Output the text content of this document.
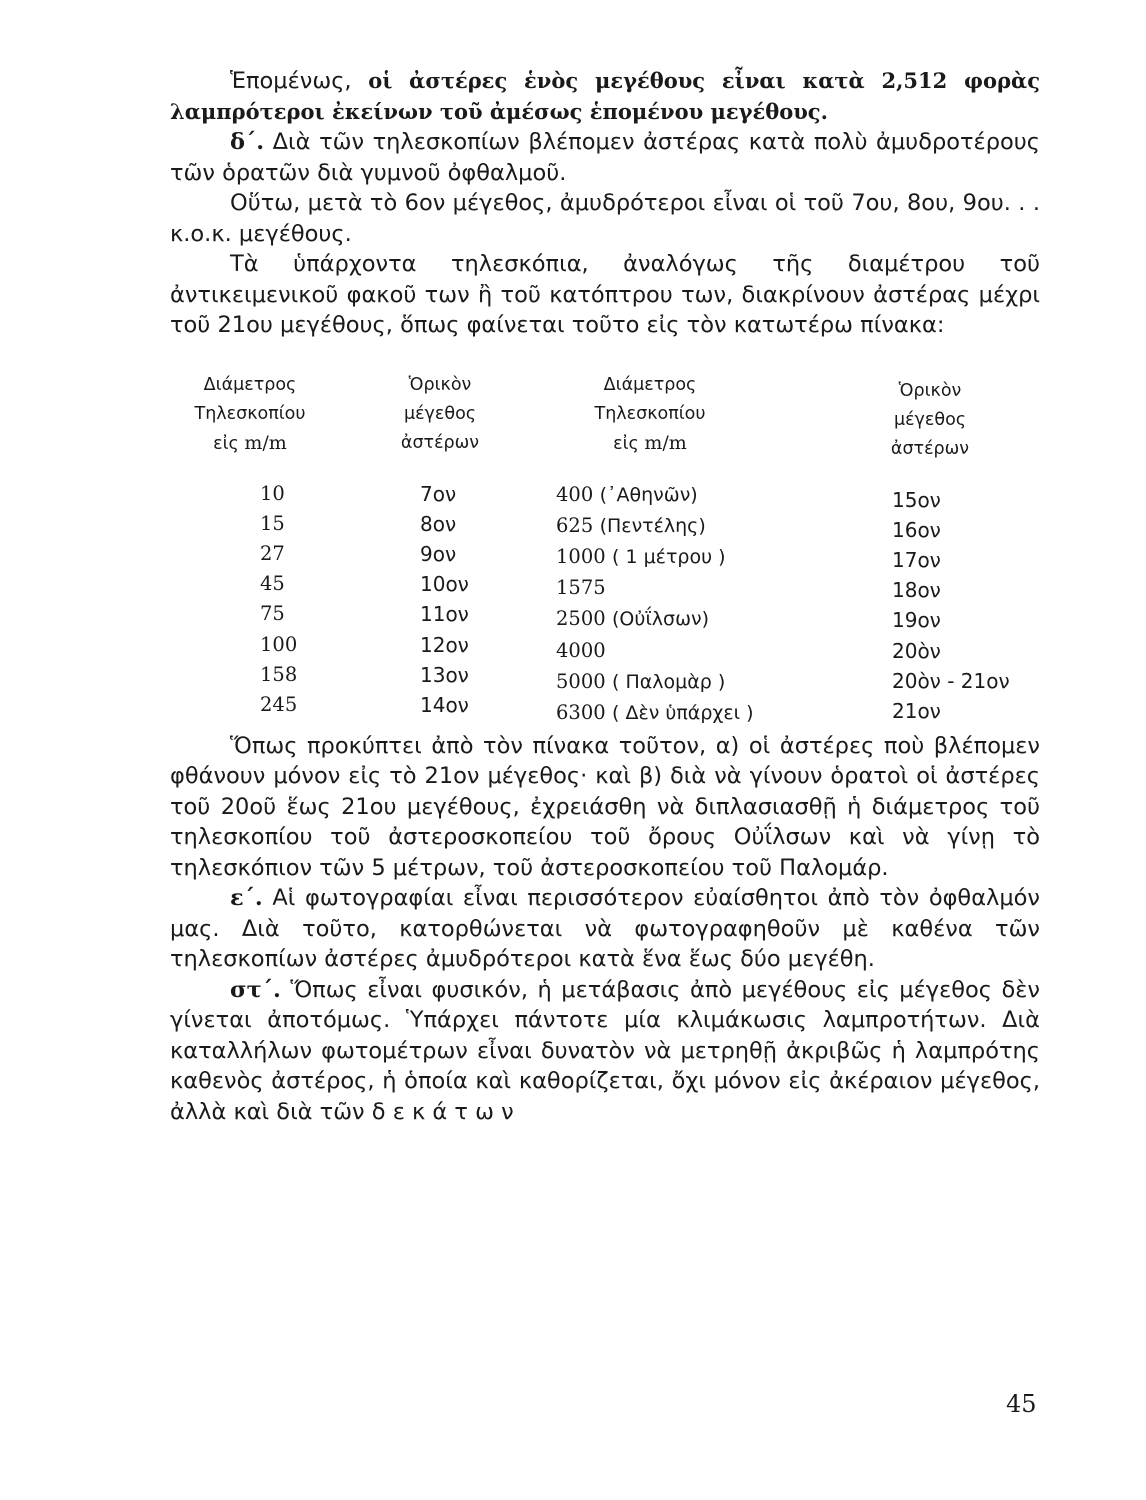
Ἑπομένως, οἱ ἀστέρες ἑνὸς μεγέθους εἶναι κατὰ 2,512 φορὰς λαμπρότεροι ἐκείνων τοῦ ἀμέσως ἑπομένου μεγέθους.

δ΄. Διὰ τῶν τηλεσκοπίων βλέπομεν ἀστέρας κατὰ πολὺ ἀμυδροτέρους τῶν ὁρατῶν διὰ γυμνοῦ ὀφθαλμοῦ.

Οὕτω, μετὰ τὸ 6ον μέγεθος, ἀμυδρότεροι εἶναι οἱ τοῦ 7ου, 8ου, 9ου. . . κ.ο.κ. μεγέθους.

Τὰ ὑπάρχοντα τηλεσκόπια, ἀναλόγως τῆς διαμέτρου τοῦ ἀντικειμενικοῦ φακοῦ των ἢ τοῦ κατόπτρου των, διακρίνουν ἀστέρας μέχρι τοῦ 21ου μεγέθους, ὅπως φαίνεται τοῦτο εἰς τὸν κατωτέρω πίνακα:

Διάμετρος
Τηλεσκοπίου
εἰς m/m
Ὁρικὸν
μέγεθος
ἀστέρων
Διάμετρος
Τηλεσκοπίου
εἰς m/m
Ὁρικὸν
μέγεθος
ἀστέρων
10
15
27
45
75
100
158
245
7ον
8ον
9ον
10ον
11ον
12ον
13ον
14ον
400 (᾿Αθηνῶν)
625 (Πεντέλης)
1000 ( 1 μέτρου )
1575
2500 (Οὐΐλσων)
4000
5000 ( Παλομὰρ )
6300 ( Δὲν ὑπάρχει )
15ον
16ον
17ον
18ον
19ον
20ὸν
20ὸν - 21ον
21ον

Ὅπως προκύπτει ἀπὸ τὸν πίνακα τοῦτον, α) οἱ ἀστέρες ποὺ βλέπομεν φθάνουν μόνον εἰς τὸ 21ον μέγεθος· καὶ β) διὰ νὰ γίνουν ὁρατοὶ οἱ ἀστέρες τοῦ 20οῦ ἕως 21ου μεγέθους, ἐχρειάσθη νὰ διπλασιασθῇ ἡ διάμετρος τοῦ τηλεσκοπίου τοῦ ἀστεροσκοπείου τοῦ ὄρους Οὐΐλσων καὶ νὰ γίνῃ τὸ τηλεσκόπιον τῶν 5 μέτρων, τοῦ ἀστεροσκοπείου τοῦ Παλομάρ.

ε΄. Αἱ φωτογραφίαι εἶναι περισσότερον εὐαίσθητοι ἀπὸ τὸν ὀφθαλμόν μας. Διὰ τοῦτο, κατορθώνεται νὰ φωτογραφηθοῦν μὲ καθένα τῶν τηλεσκοπίων ἀστέρες ἀμυδρότεροι κατὰ ἕνα ἕως δύο μεγέθη.

στ΄. Ὅπως εἶναι φυσικόν, ἡ μετάβασις ἀπὸ μεγέθους εἰς μέγεθος δὲν γίνεται ἀποτόμως. Ὑπάρχει πάντοτε μία κλιμάκωσις λαμπροτήτων. Διὰ καταλλήλων φωτομέτρων εἶναι δυνατὸν νὰ μετρηθῇ ἀκριβῶς ἡ λαμπρότης καθενὸς ἀστέρος, ἡ ὁποία καὶ καθορίζεται, ὄχι μόνον εἰς ἀκέραιον μέγεθος, ἀλλὰ καὶ διὰ τῶν δ ε κ ά τ ω ν

45
